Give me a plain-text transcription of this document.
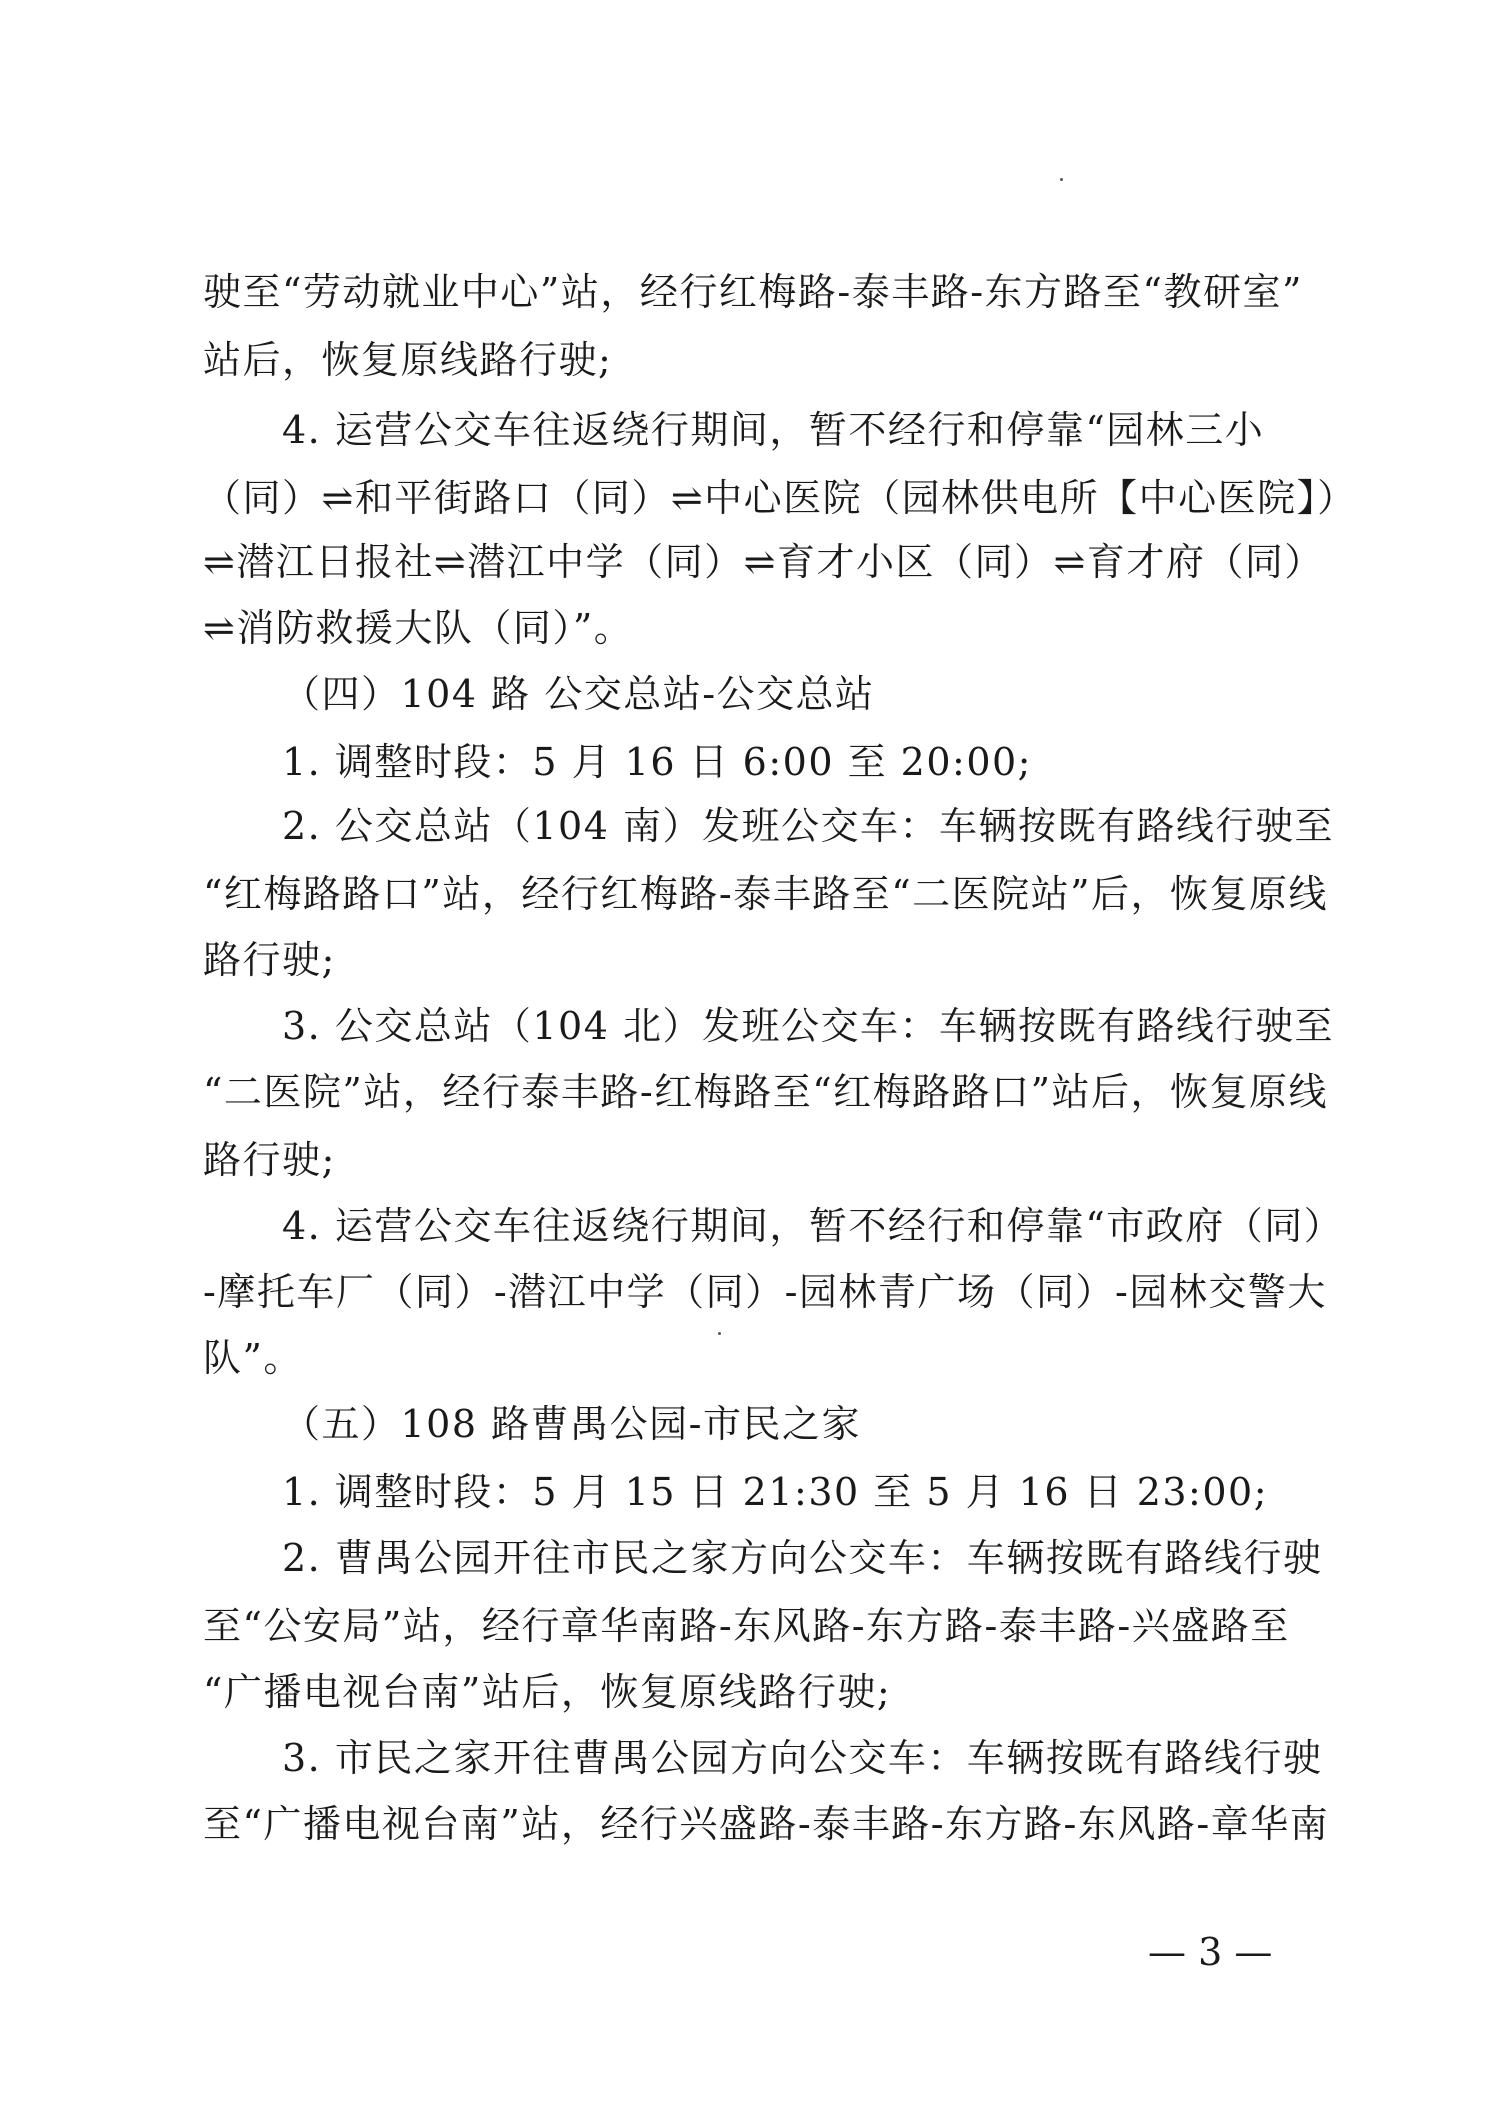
驶至“劳动就业中心”站，经行红梅路-泰丰路-东方路至“教研室”
站后，恢复原线路行驶;
4. 运营公交车往返绕行期间，暂不经行和停靠“园林三小
（同）⇌和平街路口（同）⇌中心医院（园林供电所【中心医院】）
⇌潜江日报社⇌潜江中学（同）⇌育才小区（同）⇌育才府（同）
⇌消防救援大队（同）”。
（四）104 路 公交总站-公交总站
1. 调整时段：5 月 16 日 6:00 至 20:00;
2. 公交总站（104 南）发班公交车：车辆按既有路线行驶至
“红梅路路口”站，经行红梅路-泰丰路至“二医院站”后，恢复原线
路行驶;
3. 公交总站（104 北）发班公交车：车辆按既有路线行驶至
“二医院”站，经行泰丰路-红梅路至“红梅路路口”站后，恢复原线
路行驶;
4. 运营公交车往返绕行期间，暂不经行和停靠“市政府（同）
-摩托车厂（同）-潜江中学（同）-园林青广场（同）-园林交警大
队”。
（五）108 路曹禺公园-市民之家
1. 调整时段：5 月 15 日 21:30 至 5 月 16 日 23:00;
2. 曹禺公园开往市民之家方向公交车：车辆按既有路线行驶
至“公安局”站，经行章华南路-东风路-东方路-泰丰路-兴盛路至
“广播电视台南”站后，恢复原线路行驶;
3. 市民之家开往曹禺公园方向公交车：车辆按既有路线行驶
至“广播电视台南”站，经行兴盛路-泰丰路-东方路-东风路-章华南
— 3 —
